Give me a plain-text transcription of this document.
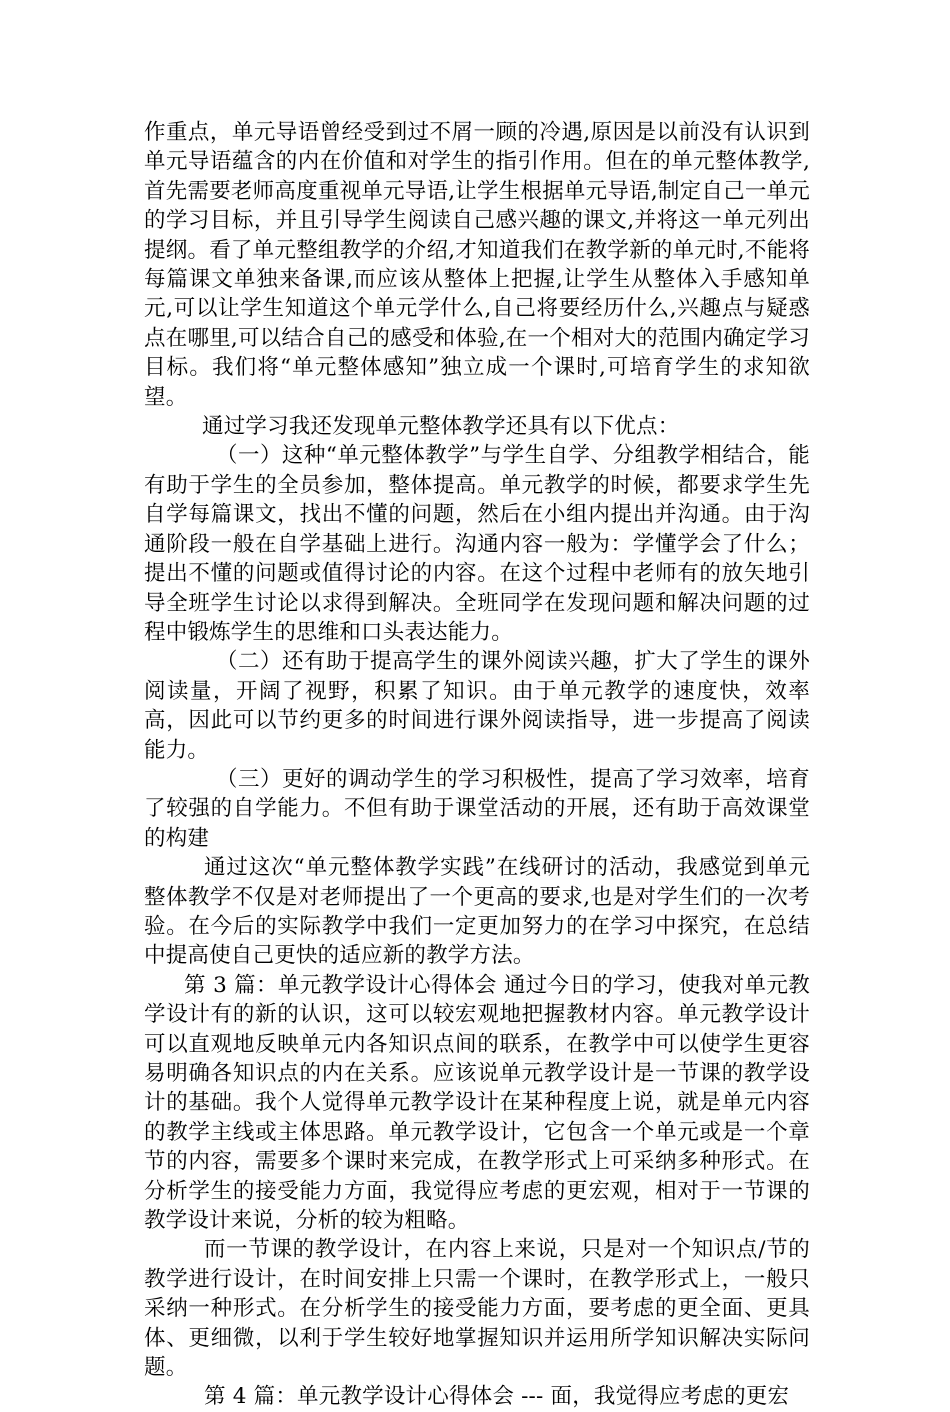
作重点，单元导语曾经受到过不屑一顾的冷遇,原因是以前没有认识到单元导语蕴含的内在价值和对学生的指引作用。但在的单元整体教学,首先需要老师高度重视单元导语,让学生根据单元导语,制定自己一单元的学习目标，并且引导学生阅读自己感兴趣的课文,并将这一单元列出提纲。看了单元整组教学的介绍,才知道我们在教学新的单元时,不能将每篇课文单独来备课,而应该从整体上把握,让学生从整体入手感知单元,可以让学生知道这个单元学什么,自己将要经历什么,兴趣点与疑惑点在哪里,可以结合自己的感受和体验,在一个相对大的范围内确定学习目标。我们将“单元整体感知”独立成一个课时,可培育学生的求知欲望。

通过学习我还发现单元整体教学还具有以下优点：

（一）这种“单元整体教学”与学生自学、分组教学相结合，能有助于学生的全员参加，整体提高。单元教学的时候，都要求学生先自学每篇课文，找出不懂的问题，然后在小组内提出并沟通。由于沟通阶段一般在自学基础上进行。沟通内容一般为：学懂学会了什么；提出不懂的问题或值得讨论的内容。在这个过程中老师有的放矢地引导全班学生讨论以求得到解决。全班同学在发现问题和解决问题的过程中锻炼学生的思维和口头表达能力。

（二）还有助于提高学生的课外阅读兴趣，扩大了学生的课外阅读量，开阔了视野，积累了知识。由于单元教学的速度快，效率高，因此可以节约更多的时间进行课外阅读指导，进一步提高了阅读能力。

（三）更好的调动学生的学习积极性，提高了学习效率，培育了较强的自学能力。不但有助于课堂活动的开展，还有助于高效课堂的构建

通过这次“单元整体教学实践”在线研讨的活动，我感觉到单元整体教学不仅是对老师提出了一个更高的要求,也是对学生们的一次考验。在今后的实际教学中我们一定更加努力的在学习中探究，在总结中提高使自己更快的适应新的教学方法。

第 3 篇：单元教学设计心得体会 通过今日的学习，使我对单元教学设计有的新的认识，这可以较宏观地把握教材内容。单元教学设计可以直观地反映单元内各知识点间的联系，在教学中可以使学生更容易明确各知识点的内在关系。应该说单元教学设计是一节课的教学设计的基础。我个人觉得单元教学设计在某种程度上说，就是单元内容的教学主线或主体思路。单元教学设计，它包含一个单元或是一个章节的内容，需要多个课时来完成，在教学形式上可采纳多种形式。在分析学生的接受能力方面，我觉得应考虑的更宏观，相对于一节课的教学设计来说，分析的较为粗略。

而一节课的教学设计，在内容上来说，只是对一个知识点/节的教学进行设计，在时间安排上只需一个课时，在教学形式上，一般只采纳一种形式。在分析学生的接受能力方面，要考虑的更全面、更具体、更细微，以利于学生较好地掌握知识并运用所学知识解决实际问题。

第 4 篇：单元教学设计心得体会 --- 面，我觉得应考虑的更宏
